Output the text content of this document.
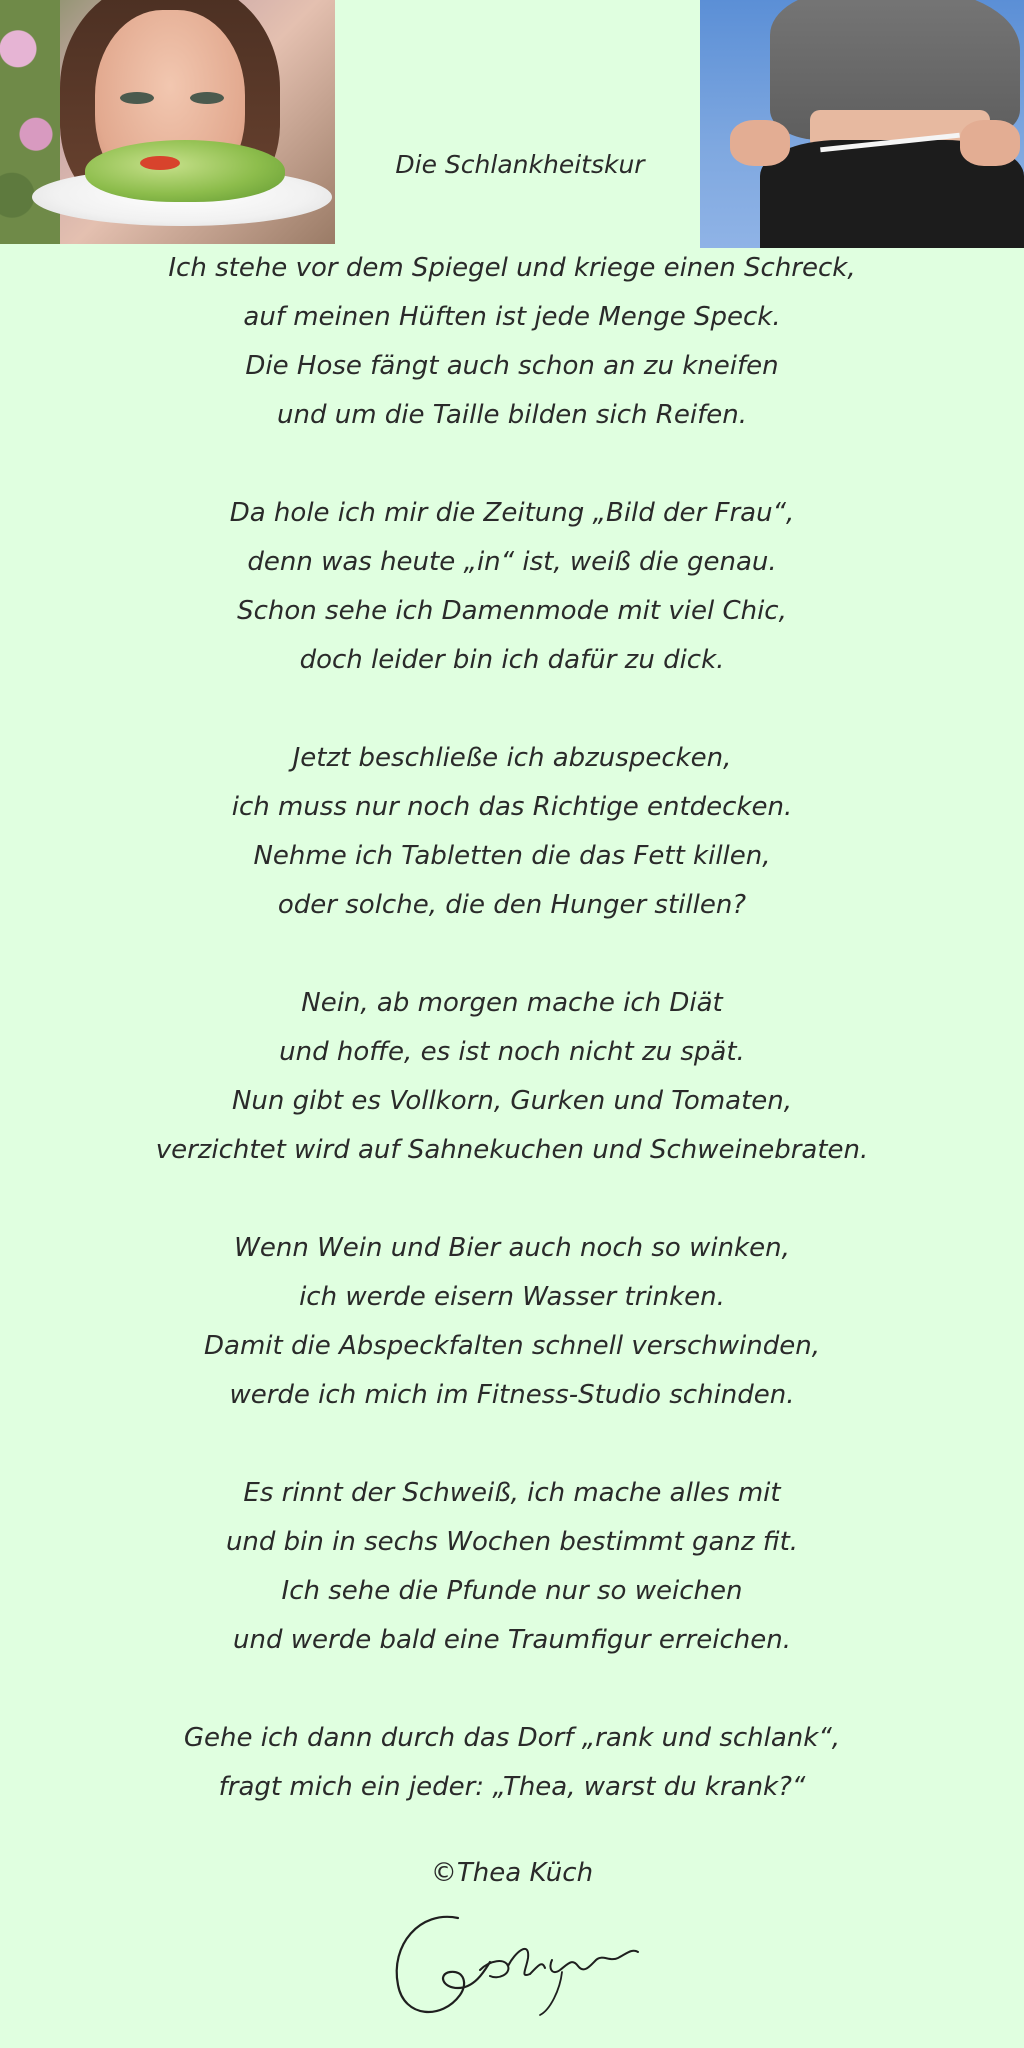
Die Schlankheitskur
Ich stehe vor dem Spiegel und kriege einen Schreck,
auf meinen Hüften ist jede Menge Speck.
Die Hose fängt auch schon an zu kneifen
und um die Taille bilden sich Reifen.
Da hole ich mir die Zeitung „Bild der Frau“,
denn was heute „in“ ist, weiß die genau.
Schon sehe ich Damenmode mit viel Chic,
doch leider bin ich dafür zu dick.
Jetzt beschließe ich abzuspecken,
ich muss nur noch das Richtige entdecken.
Nehme ich Tabletten die das Fett killen,
oder solche, die den Hunger stillen?
Nein, ab morgen mache ich Diät
und hoffe, es ist noch nicht zu spät.
Nun gibt es Vollkorn, Gurken und Tomaten,
verzichtet wird auf Sahnekuchen und Schweinebraten.
Wenn Wein und Bier auch noch so winken,
ich werde eisern Wasser trinken.
Damit die Abspeckfalten schnell verschwinden,
werde ich mich im Fitness-Studio schinden.
Es rinnt der Schweiß, ich mache alles mit
und bin in sechs Wochen bestimmt ganz fit.
Ich sehe die Pfunde nur so weichen
und werde bald eine Traumfigur erreichen.
Gehe ich dann durch das Dorf „rank und schlank“,
fragt mich ein jeder: „Thea, warst du krank?“
©Thea Küch
